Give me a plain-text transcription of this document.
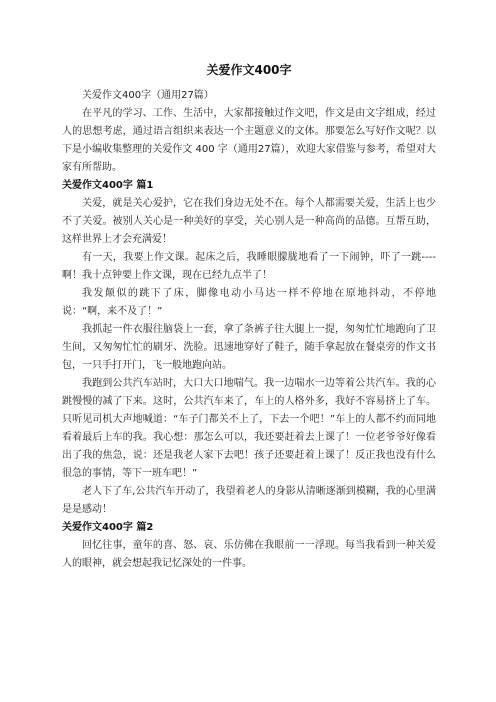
关爱作文400字

关爱作文400字（通用27篇）

在平凡的学习、工作、生活中，大家都接触过作文吧，作文是由文字组成，经过人的思想考虑，通过语言组织来表达一个主题意义的文体。那要怎么写好作文呢？以下是小编收集整理的关爱作文 400 字（通用27篇），欢迎大家借鉴与参考，希望对大家有所帮助。

关爱作文400字 篇1

关爱，就是关心爱护，它在我们身边无处不在。每个人都需要关爱，生活上也少不了关爱。被别人关心是一种美好的享受，关心别人是一种高尚的品德。互帮互助，这样世界上才会充满爱！

有一天，我要上作文课。起床之后，我睡眼朦胧地看了一下闹钟，吓了一跳----啊！我十点钟要上作文课，现在已经九点半了！

我发颠似的跳下了床，脚像电动小马达一样不停地在原地抖动，不停地说：“啊，来不及了！”

我抓起一件衣服往脑袋上一套，拿了条裤子往大腿上一提，匆匆忙忙地跑向了卫生间，又匆匆忙忙的刷牙、洗脸。迅速地穿好了鞋子，随手拿起放在餐桌旁的作文书包，一只手打开门，飞一般地跑向站。

我跑到公共汽车站时，大口大口地喘气。我一边喘水一边等着公共汽车。我的心跳慢慢的减了下来。这时，公共汽车来了，车上的人格外多，我好不容易挤上了车。只听见司机大声地喊道：“车子门都关不上了，下去一个吧！”车上的人都不约而同地看着最后上车的我。我心想：那怎么可以，我还要赶着去上课了！一位老爷爷好像看出了我的焦急，说：还是我老人家下去吧！孩子还要赶着上课了！反正我也没有什么很急的事情，等下一班车吧！”

老人下了车,公共汽车开动了，我望着老人的身影从清晰逐渐到模糊，我的心里满是是感动！

关爱作文400字 篇2

回忆往事，童年的喜、怒、哀、乐仿佛在我眼前一一浮现。每当我看到一种关爱人的眼神，就会想起我记忆深处的一件事。
